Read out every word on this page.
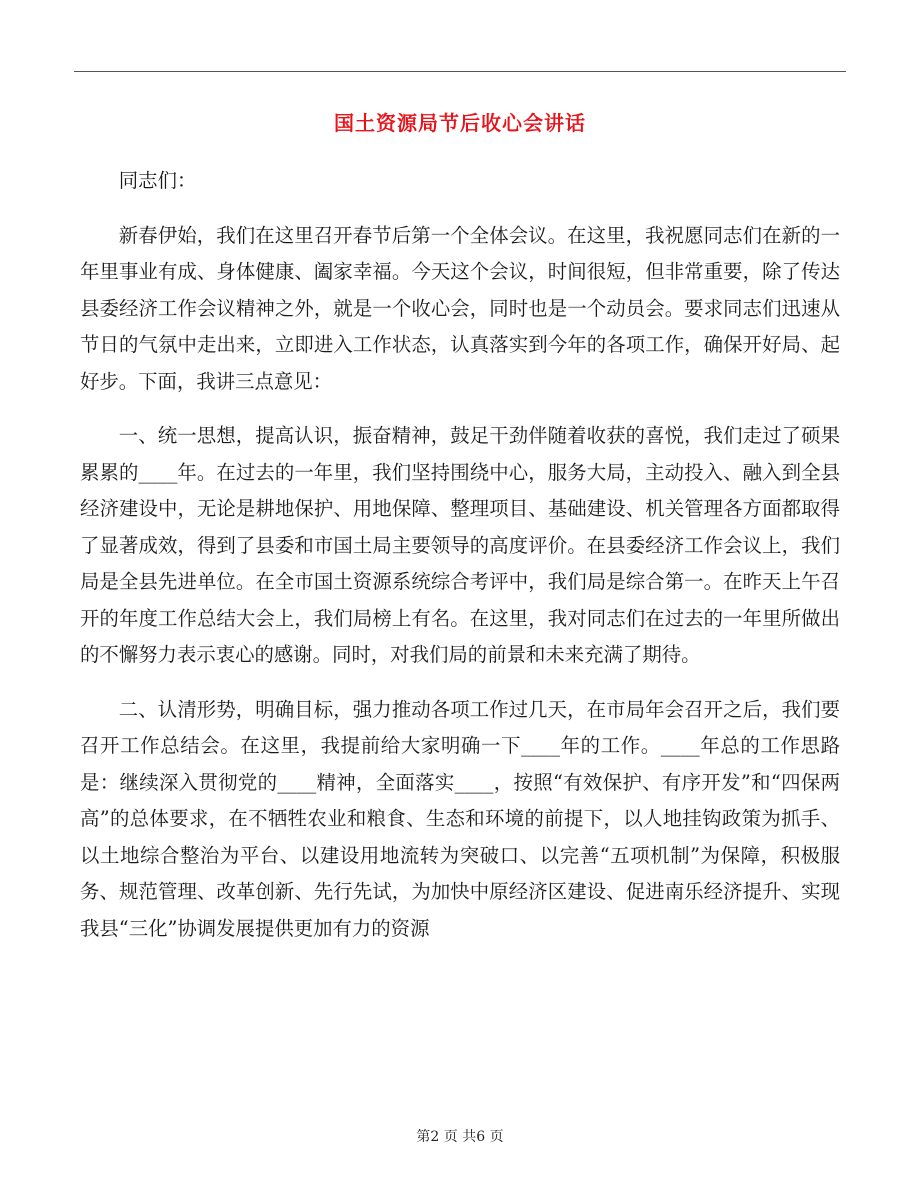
国土资源局节后收心会讲话

同志们：

新春伊始，我们在这里召开春节后第一个全体会议。在这里，我祝愿同志们在新的一年里事业有成、身体健康、阖家幸福。今天这个会议，时间很短，但非常重要，除了传达县委经济工作会议精神之外，就是一个收心会，同时也是一个动员会。要求同志们迅速从节日的气氛中走出来，立即进入工作状态，认真落实到今年的各项工作，确保开好局、起好步。下面，我讲三点意见：

一、统一思想，提高认识，振奋精神，鼓足干劲伴随着收获的喜悦，我们走过了硕果累累的____年。在过去的一年里，我们坚持围绕中心，服务大局，主动投入、融入到全县经济建设中，无论是耕地保护、用地保障、整理项目、基础建设、机关管理各方面都取得了显著成效，得到了县委和市国土局主要领导的高度评价。在县委经济工作会议上，我们局是全县先进单位。在全市国土资源系统综合考评中，我们局是综合第一。在昨天上午召开的年度工作总结大会上，我们局榜上有名。在这里，我对同志们在过去的一年里所做出的不懈努力表示衷心的感谢。同时，对我们局的前景和未来充满了期待。

二、认清形势，明确目标，强力推动各项工作过几天，在市局年会召开之后，我们要召开工作总结会。在这里，我提前给大家明确一下____年的工作。____年总的工作思路是：继续深入贯彻党的____精神，全面落实____，按照“有效保护、有序开发”和“四保两高”的总体要求，在不牺牲农业和粮食、生态和环境的前提下，以人地挂钩政策为抓手、以土地综合整治为平台、以建设用地流转为突破口、以完善“五项机制”为保障，积极服务、规范管理、改革创新、先行先试，为加快中原经济区建设、促进南乐经济提升、实现我县“三化”协调发展提供更加有力的资源

第2 页 共6 页
